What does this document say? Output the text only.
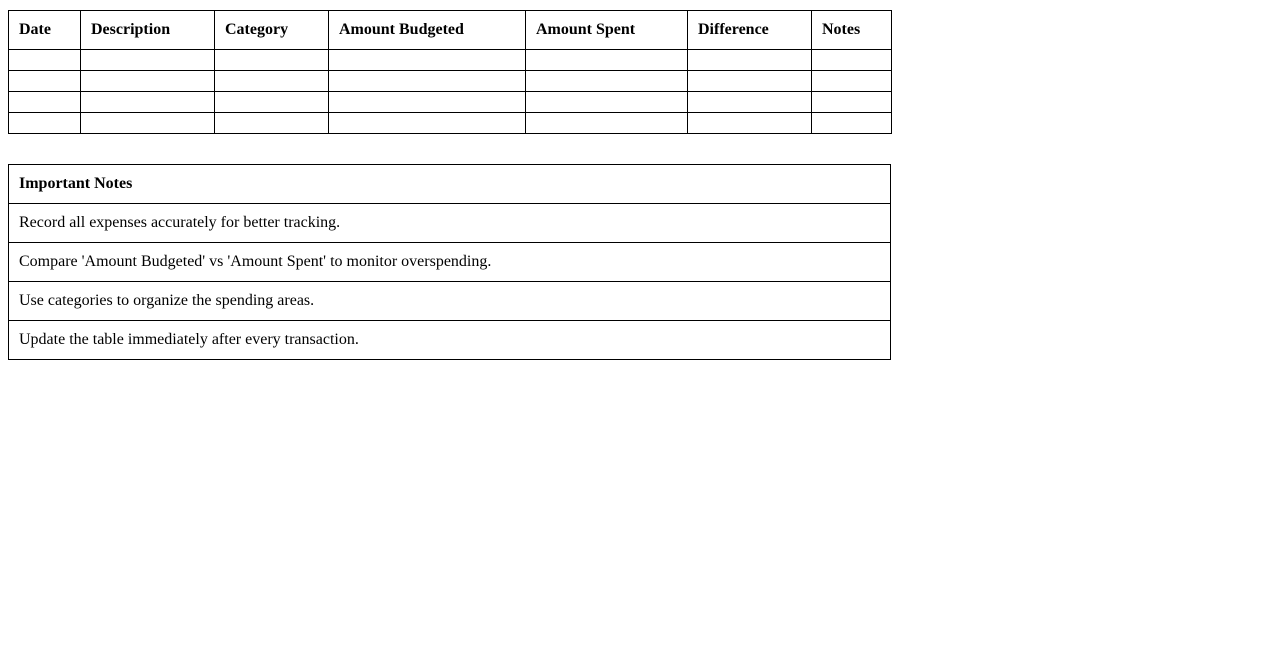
Date	Description	Category	Amount Budgeted	Amount Spent	Difference	Notes

Important Notes
Record all expenses accurately for better tracking.
Compare 'Amount Budgeted' vs 'Amount Spent' to monitor overspending.
Use categories to organize the spending areas.
Update the table immediately after every transaction.
